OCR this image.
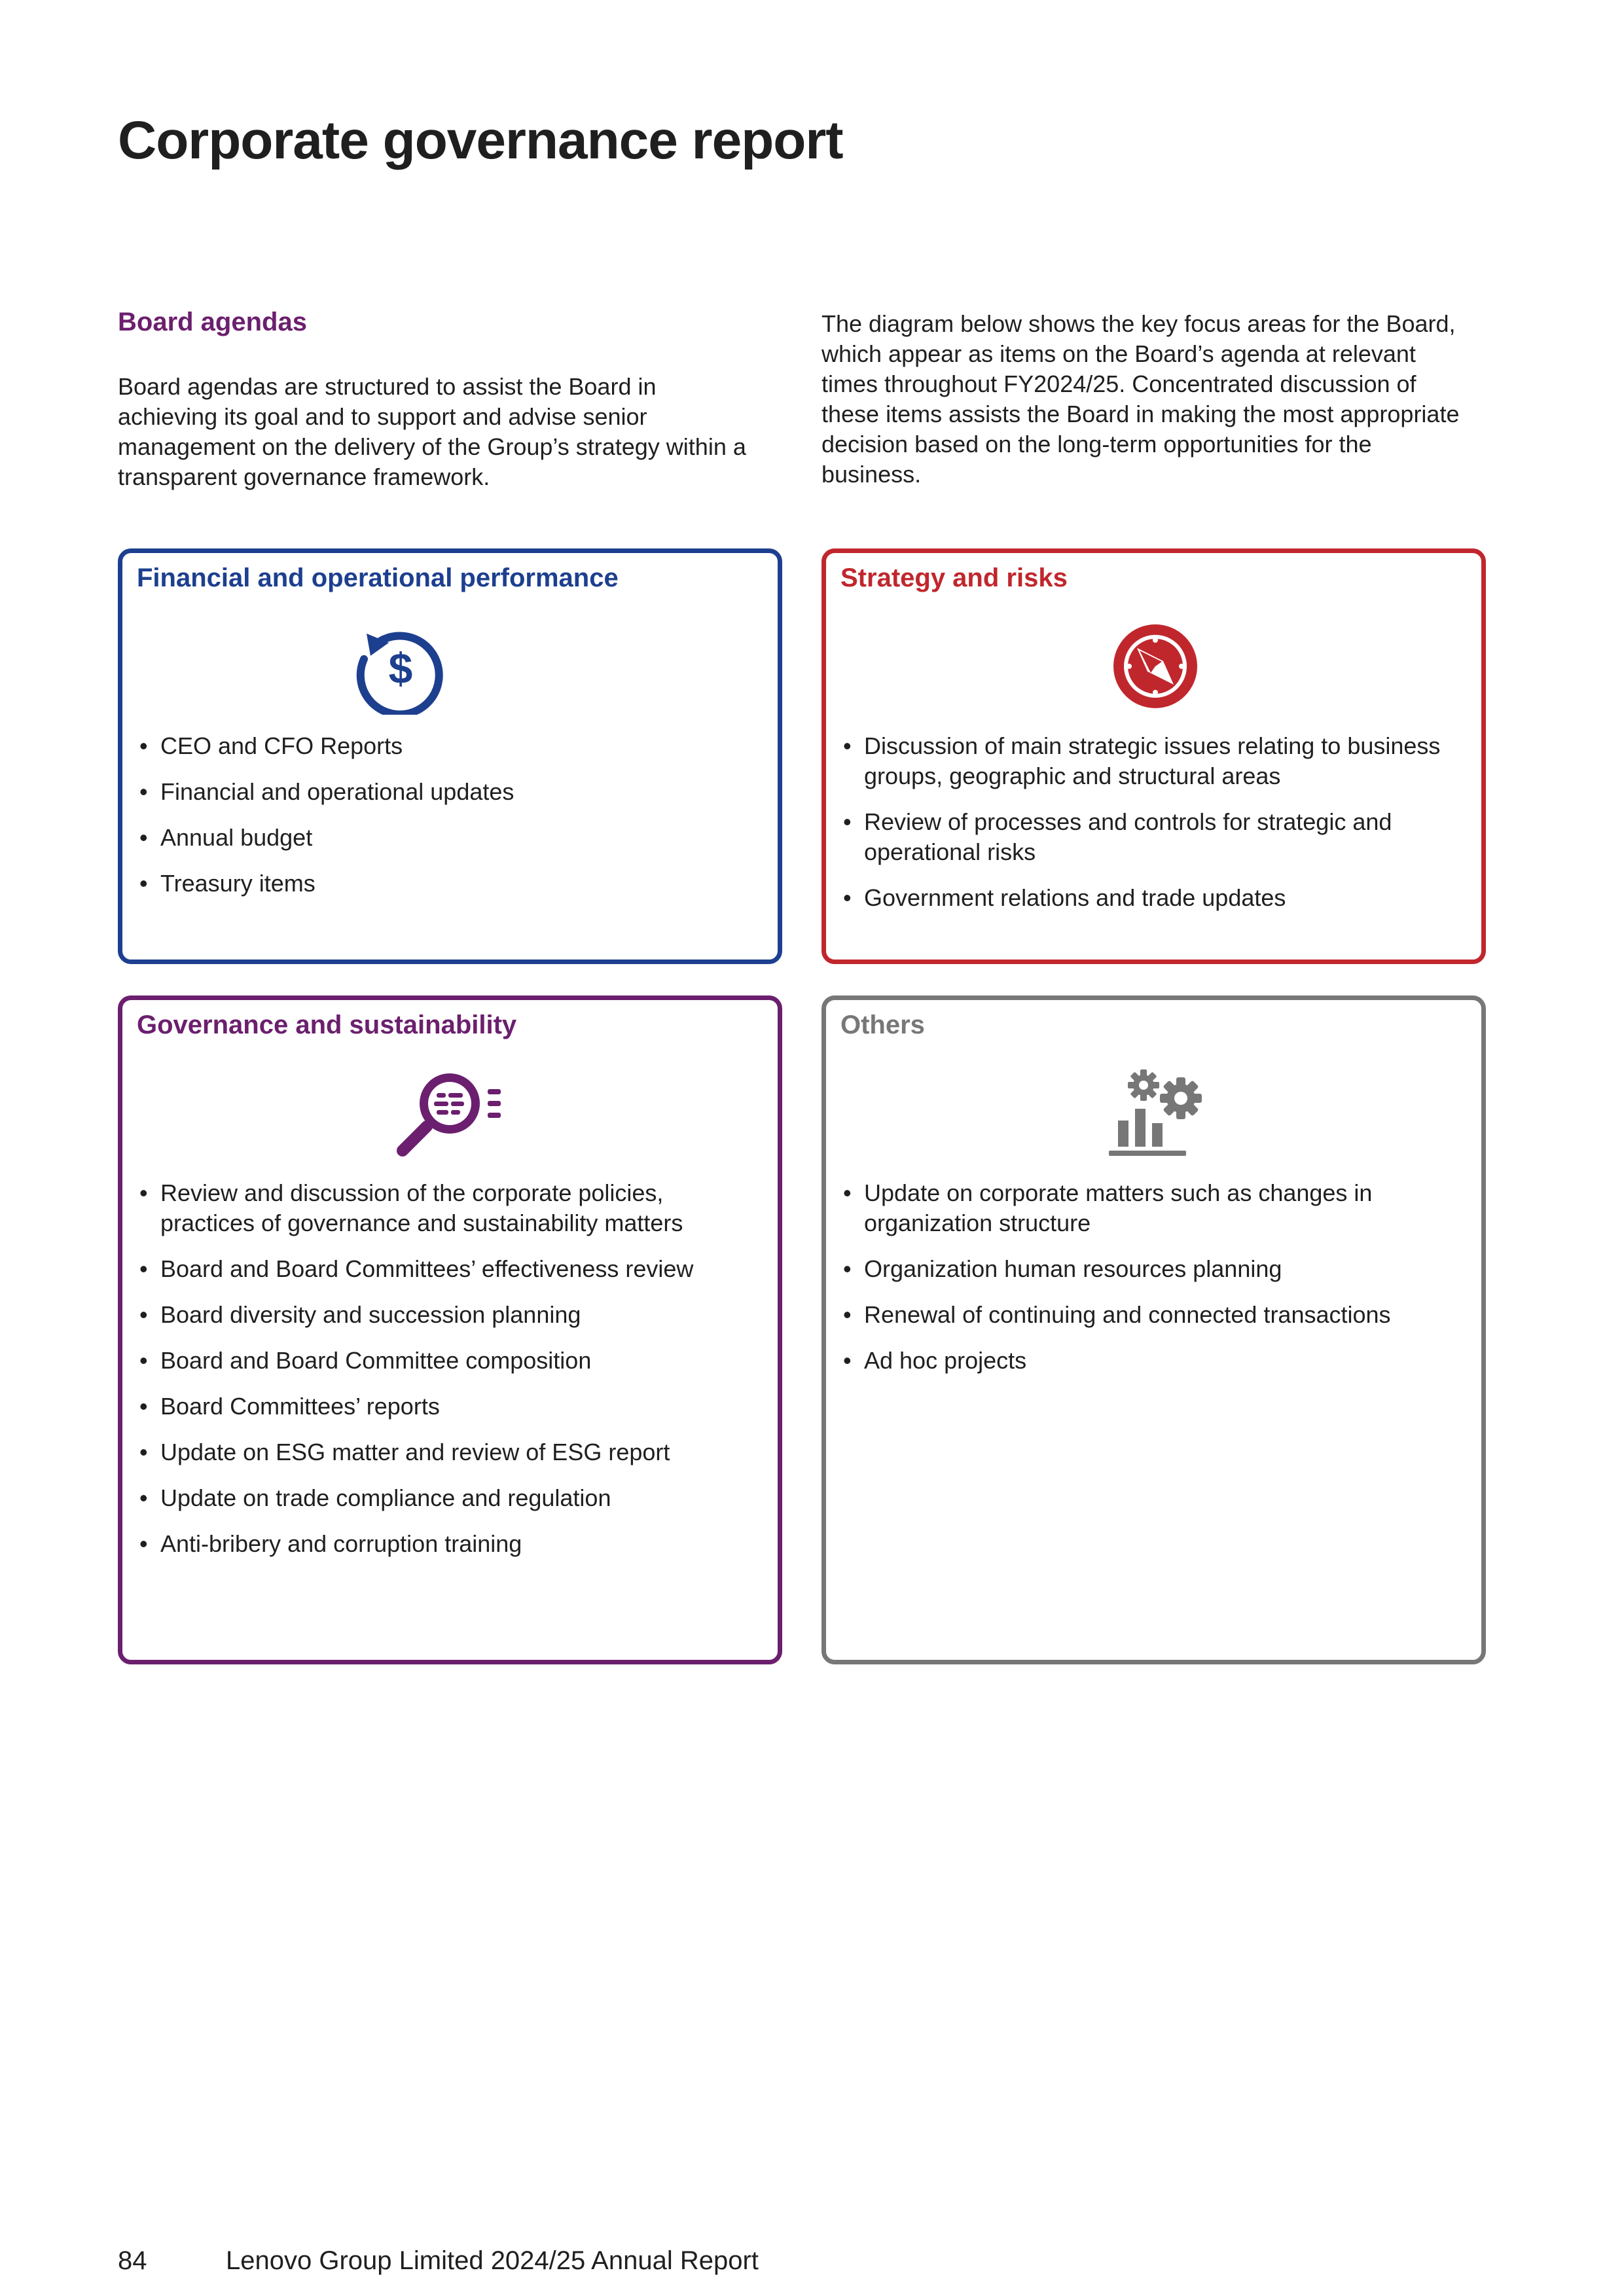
Corporate governance report
Board agendas
Board agendas are structured to assist the Board in achieving its goal and to support and advise senior management on the delivery of the Group’s strategy within a transparent governance framework.
The diagram below shows the key focus areas for the Board, which appear as items on the Board’s agenda at relevant times throughout FY2024/25. Concentrated discussion of these items assists the Board in making the most appropriate decision based on the long-term opportunities for the business.
Financial and operational performance
$
• CEO and CFO Reports
• Financial and operational updates
• Annual budget
• Treasury items
Strategy and risks
• Discussion of main strategic issues relating to business groups, geographic and structural areas
• Review of processes and controls for strategic and operational risks
• Government relations and trade updates
Governance and sustainability
• Review and discussion of the corporate policies, practices of governance and sustainability matters
• Board and Board Committees’ effectiveness review
• Board diversity and succession planning
• Board and Board Committee composition
• Board Committees’ reports
• Update on ESG matter and review of ESG report
• Update on trade compliance and regulation
• Anti-bribery and corruption training
Others
• Update on corporate matters such as changes in organization structure
• Organization human resources planning
• Renewal of continuing and connected transactions
• Ad hoc projects
84	Lenovo Group Limited 2024/25 Annual Report
